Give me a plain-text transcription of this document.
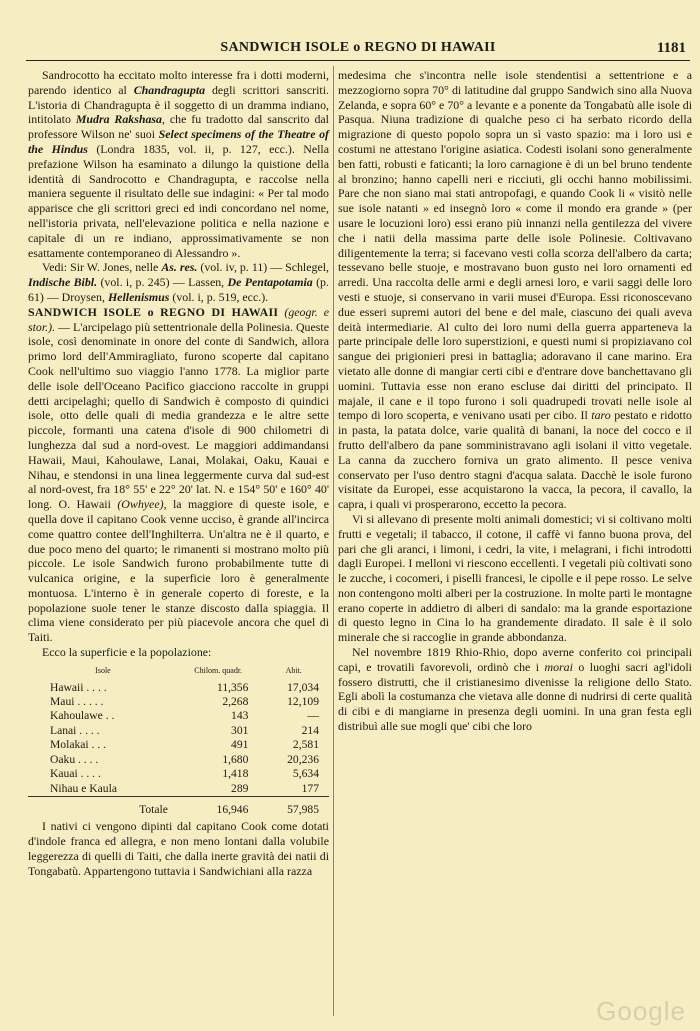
SANDWICH ISOLE o REGNO DI HAWAII	1181

Sandrocotto ha eccitato molto interesse fra i dotti moderni, parendo identico al Chandragupta degli scrittori sanscriti. L'istoria di Chandragupta è il soggetto di un dramma indiano, intitolato Mudra Rakshasa, che fu tradotto dal sanscrito dal professore Wilson ne' suoi Select specimens of the Theatre of the Hindus (Londra 1835, vol. ii, p. 127, ecc.). Nella prefazione Wilson ha esaminato a dilungo la quistione della identità di Sandrocotto e Chandragupta, e raccolse nella maniera seguente il risultato delle sue indagini: « Per tal modo apparisce che gli scrittori greci ed indi concordano nel nome, nell'istoria privata, nell'elevazione politica e nella nazione e capitale di un re indiano, approssimativamente se non esattamente contemporaneo di Alessandro ».

Vedi: Sir W. Jones, nelle As. res. (vol. iv, p. 11) — Schlegel, Indische Bibl. (vol. i, p. 245) — Lassen, De Pentapotamia (p. 61) — Droysen, Hellenismus (vol. i, p. 519, ecc.).

SANDWICH ISOLE o REGNO DI HAWAII (geogr. e stor.). — L'arcipelago più settentrionale della Polinesia. Queste isole, così denominate in onore del conte di Sandwich, allora primo lord dell'Ammiragliato, furono scoperte dal capitano Cook nell'ultimo suo viaggio l'anno 1778. La miglior parte delle isole dell'Oceano Pacifico giacciono raccolte in gruppi detti arcipelaghi; quello di Sandwich è composto di quindici isole, otto delle quali di media grandezza e le altre sette piccole, formanti una catena d'isole di 900 chilometri di lunghezza dal sud a nord-ovest. Le maggiori addimandansi Hawaii, Maui, Kahoulawe, Lanai, Molakai, Oaku, Kauai e Nihau, e stendonsi in una linea leggermente curva dal sud-est al nord-ovest, fra 18° 55' e 22° 20' lat. N. e 154° 50' e 160° 40' long. O. Hawaii (Owhyee), la maggiore di queste isole, e quella dove il capitano Cook venne ucciso, è grande all'incirca come quattro contee dell'Inghilterra. Un'altra ne è il quarto, e due poco meno del quarto; le rimanenti si mostrano molto più piccole. Le isole Sandwich furono probabilmente tutte di vulcanica origine, e la superficie loro è generalmente montuosa. L'interno è in generale coperto di foreste, e la popolazione suole tener le stanze discosto dalla spiaggia. Il clima viene considerato per più piacevole ancora che quel di Taiti.

Ecco la superficie e la popolazione:

Isole	Chilom. quadr.	Abit.
Hawaii . . . .	11,356	17,034
Maui . . . . .	2,268	12,109
Kahoulawe . .	143	—
Lanai . . . .	301	214
Molakai . . .	491	2,581
Oaku . . . .	1,680	20,236
Kauai . . . .	1,418	5,634
Nihau e Kaula	289	177
Totale	16,946	57,985

I nativi ci vengono dipinti dal capitano Cook come dotati d'indole franca ed allegra, e non meno lontani dalla volubile leggerezza di quelli di Taiti, che dalla inerte gravità dei natii di Tongabatù. Appartengono tuttavia i Sandwichiani alla razza

medesima che s'incontra nelle isole stendentisi a settentrione e a mezzogiorno sopra 70° di latitudine dal gruppo Sandwich sino alla Nuova Zelanda, e sopra 60° e 70° a levante e a ponente da Tongabatù alle isole di Pasqua. Niuna tradizione di qualche peso ci ha serbato ricordo della migrazione di questo popolo sopra un sì vasto spazio: ma i loro usi e costumi ne attestano l'origine asiatica. Codesti isolani sono generalmente ben fatti, robusti e faticanti; la loro carnagione è di un bel bruno tendente al bronzino; hanno capelli neri e ricciuti, gli occhi hanno mobilissimi. Pare che non siano mai stati antropofagi, e quando Cook li « visitò nelle sue isole natanti » ed insegnò loro « come il mondo era grande » (per usare le locuzioni loro) essi erano più innanzi nella gentilezza del vivere che i natii della massima parte delle isole Polinesie. Coltivavano diligentemente la terra; si facevano vesti colla scorza dell'albero da carta; tessevano belle stuoje, e mostravano buon gusto nei loro ornamenti ed arredi. Una raccolta delle armi e degli arnesi loro, e varii saggi delle loro vesti e stuoje, si conservano in varii musei d'Europa. Essi riconoscevano due esseri supremi autori del bene e del male, ciascuno dei quali aveva deità intermediarie. Al culto dei loro numi della guerra apparteneva la parte principale delle loro superstizioni, e questi numi si propiziavano col sangue dei prigionieri presi in battaglia; adoravano il cane marino. Era vietato alle donne di mangiar certi cibi e d'entrare dove banchettavano gli uomini. Tuttavia esse non erano escluse dai diritti del principato. Il majale, il cane e il topo furono i soli quadrupedi trovati nelle isole al tempo di loro scoperta, e venivano usati per cibo. Il taro pestato e ridotto in pasta, la patata dolce, varie qualità di banani, la noce del cocco e il frutto dell'albero da pane somministravano agli isolani il vitto vegetale. La canna da zucchero forniva un grato alimento. Il pesce veniva conservato per l'uso dentro stagni d'acqua salata. Dacchè le isole furono visitate da Europei, esse acquistarono la vacca, la pecora, il cavallo, la capra, i quali vi prosperarono, eccetto la pecora.

Vi si allevano di presente molti animali domestici; vi si coltivano molti frutti e vegetali; il tabacco, il cotone, il caffè vi fanno buona prova, del pari che gli aranci, i limoni, i cedri, la vite, i melagrani, i fichi introdotti dagli Europei. I melloni vi riescono eccellenti. I vegetali più coltivati sono le zucche, i cocomeri, i piselli francesi, le cipolle e il pepe rosso. Le selve non contengono molti alberi per la costruzione. In molte parti le montagne erano coperte in addietro di alberi di sandalo: ma la grande esportazione di questo legno in Cina lo ha grandemente diradato. Il sale è il solo minerale che si raccoglie in grande abbondanza.

Nel novembre 1819 Rhio-Rhio, dopo averne conferito coi principali capi, e trovatili favorevoli, ordinò che i morai o luoghi sacri agl'idoli fossero distrutti, che il cristianesimo divenisse la religione dello Stato. Egli abolì la costumanza che vietava alle donne di nudrirsi di certe qualità di cibi e di mangiarne in presenza degli uomini. In una gran festa egli distribuì alle sue mogli que' cibi che loro

Google
